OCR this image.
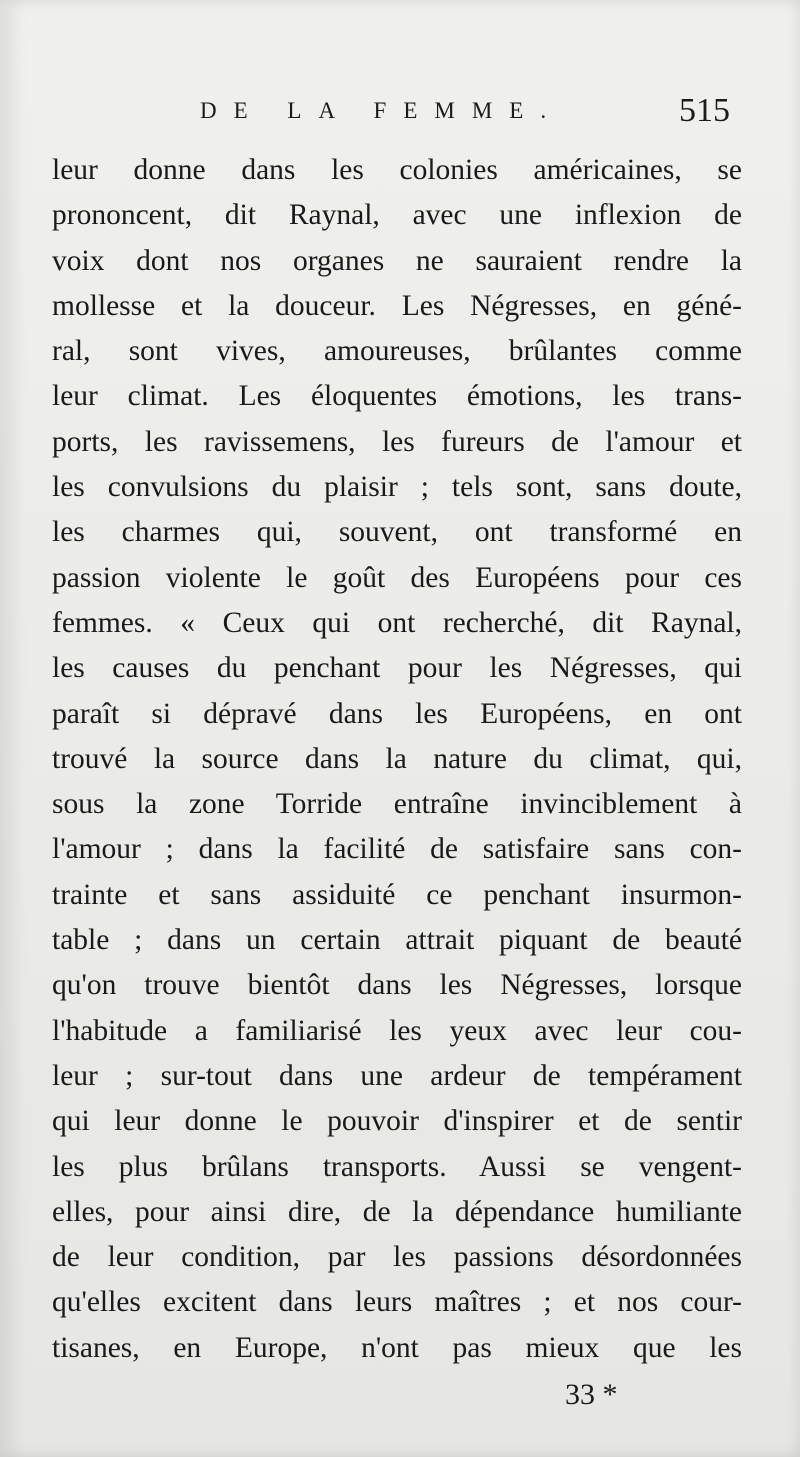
DE LA FEMME.	515
leur donne dans les colonies américaines, se
prononcent, dit Raynal, avec une inflexion de
voix dont nos organes ne sauraient rendre la
mollesse et la douceur. Les Négresses, en géné-
ral, sont vives, amoureuses, brûlantes comme
leur climat. Les éloquentes émotions, les trans-
ports, les ravissemens, les fureurs de l'amour et
les convulsions du plaisir ; tels sont, sans doute,
les charmes qui, souvent, ont transformé en
passion violente le goût des Européens pour ces
femmes. « Ceux qui ont recherché, dit Raynal,
les causes du penchant pour les Négresses, qui
paraît si dépravé dans les Européens, en ont
trouvé la source dans la nature du climat, qui,
sous la zone Torride entraîne invinciblement à
l'amour ; dans la facilité de satisfaire sans con-
trainte et sans assiduité ce penchant insurmon-
table ; dans un certain attrait piquant de beauté
qu'on trouve bientôt dans les Négresses, lorsque
l'habitude a familiarisé les yeux avec leur cou-
leur ; sur-tout dans une ardeur de tempérament
qui leur donne le pouvoir d'inspirer et de sentir
les plus brûlans transports. Aussi se vengent-
elles, pour ainsi dire, de la dépendance humiliante
de leur condition, par les passions désordonnées
qu'elles excitent dans leurs maîtres ; et nos cour-
tisanes, en Europe, n'ont pas mieux que les
33 *
